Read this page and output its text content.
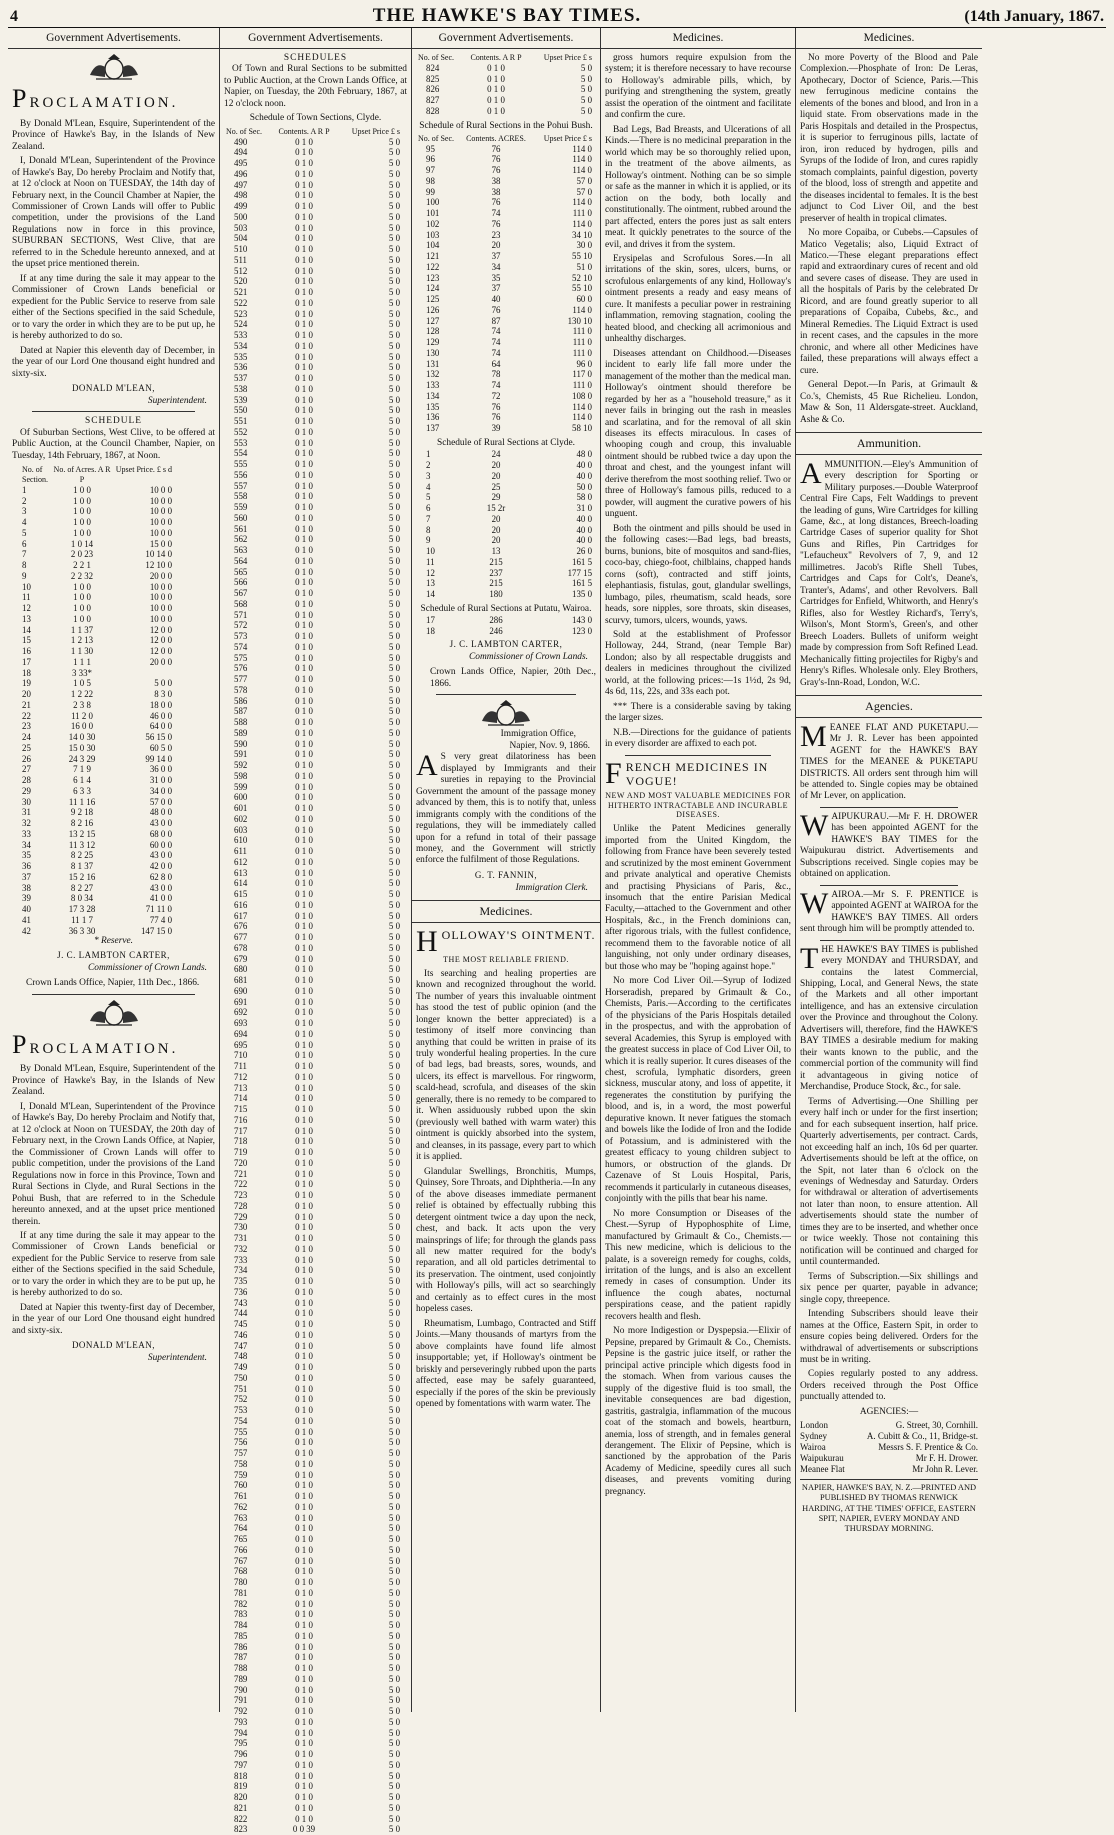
4	THE HAWKE'S BAY TIMES.	(14th January, 1867.
Government Advertisements.
PROCLAMATION.

By Donald M'Lean, Esquire, Superintendent of the Province of Hawke's Bay, in the Islands of New Zealand.

I, Donald M'Lean, Superintendent of the Province of Hawke's Bay, Do hereby Proclaim and Notify that, at 12 o'clock at Noon on TUESDAY, the 14th day of February next, in the Council Chamber at Napier, the Commissioner of Crown Lands will offer to Public competition, under the provisions of the Land Regulations now in force in this province, SUBURBAN SECTIONS, West Clive, that are referred to in the Schedule hereunto annexed, and at the upset price mentioned therein.

If at any time during the sale it may appear to the Commissioner of Crown Lands beneficial or expedient for the Public Service to reserve from sale either of the Sections specified in the said Schedule, or to vary the order in which they are to be put up, he is hereby authorized to do so.

Dated at Napier this eleventh day of December, in the year of our Lord One thousand eight hundred and sixty-six.

DONALD M'LEAN,
Superintendent.
SCHEDULE

Of Suburban Sections, West Clive, to be offered at Public Auction, at the Council Chamber, Napier, on Tuesday, 14th February, 1867, at Noon.

No. of Section.
No. of Acres. A R P
Upset Price. £ s d
1	1 0 0	10 0 0
2	1 0 0	10 0 0
3	1 0 0	10 0 0
4	1 0 0	10 0 0
5	1 0 0	10 0 0
6	1 0 14	15 0 0
7	2 0 23	10 14 0
8	2 2 1	12 10 0
9	2 2 32	20 0 0
10	1 0 0	10 0 0
11	1 0 0	10 0 0
12	1 0 0	10 0 0
13	1 0 0	10 0 0
14	1 1 37	12 0 0
15	1 2 13	12 0 0
16	1 1 30	12 0 0
17	1 1 1	20 0 0
18	3 33*
19	1 0 5	5 0 0
20	1 2 22	8 3 0
21	2 3 8	18 0 0
22	11 2 0	46 0 0
23	16 0 0	64 0 0
24	14 0 30	56 15 0
25	15 0 30	60 5 0
26	24 3 29	99 14 0
27	7 1 9	36 0 0
28	6 1 4	31 0 0
29	6 3 3	34 0 0
30	11 1 16	57 0 0
31	9 2 18	48 0 0
32	8 2 16	43 0 0
33	13 2 15	68 0 0
34	11 3 12	60 0 0
35	8 2 25	43 0 0
36	8 1 37	42 0 0
37	15 2 16	62 8 0
38	8 2 27	43 0 0
39	8 0 34	41 0 0
40	17 3 28	71 11 0
41	11 1 7	77 4 0
42	36 3 30	147 15 0
* Reserve.
J. C. LAMBTON CARTER,
Commissioner of Crown Lands.

Crown Lands Office, Napier, 11th Dec., 1866.

PROCLAMATION.

By Donald M'Lean, Esquire, Superintendent of the Province of Hawke's Bay, in the Islands of New Zealand.

I, Donald M'Lean, Superintendent of the Province of Hawke's Bay, Do hereby Proclaim and Notify that, at 12 o'clock at Noon on TUESDAY, the 20th day of February next, in the Crown Lands Office, at Napier, the Commissioner of Crown Lands will offer to public competition, under the provisions of the Land Regulations now in force in this Province, Town and Rural Sections in Clyde, and Rural Sections in the Pohui Bush, that are referred to in the Schedule hereunto annexed, and at the upset price mentioned therein.

If at any time during the sale it may appear to the Commissioner of Crown Lands beneficial or expedient for the Public Service to reserve from sale either of the Sections specified in the said Schedule, or to vary the order in which they are to be put up, he is hereby authorized to do so.

Dated at Napier this twenty-first day of December, in the year of our Lord One thousand eight hundred and sixty-six.

DONALD M'LEAN,
Superintendent.
Government Advertisements.
SCHEDULES

Of Town and Rural Sections to be submitted to Public Auction, at the Crown Lands Office, at Napier, on Tuesday, the 20th February, 1867, at 12 o'clock noon.

Schedule of Town Sections, Clyde.
No. of Sec.	Contents. A R P	Upset Price £ s
490	0 1 0	5 0
494	0 1 0	5 0
495	0 1 0	5 0
496	0 1 0	5 0
497	0 1 0	5 0
498	0 1 0	5 0
499	0 1 0	5 0
500	0 1 0	5 0
503	0 1 0	5 0
504	0 1 0	5 0
510	0 1 0	5 0
511	0 1 0	5 0
512	0 1 0	5 0
520	0 1 0	5 0
521	0 1 0	5 0
522	0 1 0	5 0
523	0 1 0	5 0
524	0 1 0	5 0
533	0 1 0	5 0
534	0 1 0	5 0
535	0 1 0	5 0
536	0 1 0	5 0
537	0 1 0	5 0
538	0 1 0	5 0
539	0 1 0	5 0
550	0 1 0	5 0
551	0 1 0	5 0
552	0 1 0	5 0
553	0 1 0	5 0
554	0 1 0	5 0
555	0 1 0	5 0
556	0 1 0	5 0
557	0 1 0	5 0
558	0 1 0	5 0
559	0 1 0	5 0
560	0 1 0	5 0
561	0 1 0	5 0
562	0 1 0	5 0
563	0 1 0	5 0
564	0 1 0	5 0
565	0 1 0	5 0
566	0 1 0	5 0
567	0 1 0	5 0
568	0 1 0	5 0
571	0 1 0	5 0
572	0 1 0	5 0
573	0 1 0	5 0
574	0 1 0	5 0
575	0 1 0	5 0
576	0 1 0	5 0
577	0 1 0	5 0
578	0 1 0	5 0
586	0 1 0	5 0
587	0 1 0	5 0
588	0 1 0	5 0
589	0 1 0	5 0
590	0 1 0	5 0
591	0 1 0	5 0
592	0 1 0	5 0
598	0 1 0	5 0
599	0 1 0	5 0
600	0 1 0	5 0
601	0 1 0	5 0
602	0 1 0	5 0
603	0 1 0	5 0
610	0 1 0	5 0
611	0 1 0	5 0
612	0 1 0	5 0
613	0 1 0	5 0
614	0 1 0	5 0
615	0 1 0	5 0
616	0 1 0	5 0
617	0 1 0	5 0
676	0 1 0	5 0
677	0 1 0	5 0
678	0 1 0	5 0
679	0 1 0	5 0
680	0 1 0	5 0
681	0 1 0	5 0
690	0 1 0	5 0
691	0 1 0	5 0
692	0 1 0	5 0
693	0 1 0	5 0
694	0 1 0	5 0
695	0 1 0	5 0
710	0 1 0	5 0
711	0 1 0	5 0
712	0 1 0	5 0
713	0 1 0	5 0
714	0 1 0	5 0
715	0 1 0	5 0
716	0 1 0	5 0
717	0 1 0	5 0
718	0 1 0	5 0
719	0 1 0	5 0
720	0 1 0	5 0
721	0 1 0	5 0
722	0 1 0	5 0
723	0 1 0	5 0
728	0 1 0	5 0
729	0 1 0	5 0
730	0 1 0	5 0
731	0 1 0	5 0
732	0 1 0	5 0
733	0 1 0	5 0
734	0 1 0	5 0
735	0 1 0	5 0
736	0 1 0	5 0
743	0 1 0	5 0
744	0 1 0	5 0
745	0 1 0	5 0
746	0 1 0	5 0
747	0 1 0	5 0
748	0 1 0	5 0
749	0 1 0	5 0
750	0 1 0	5 0
751	0 1 0	5 0
752	0 1 0	5 0
753	0 1 0	5 0
754	0 1 0	5 0
755	0 1 0	5 0
756	0 1 0	5 0
757	0 1 0	5 0
758	0 1 0	5 0
759	0 1 0	5 0
760	0 1 0	5 0
761	0 1 0	5 0
762	0 1 0	5 0
763	0 1 0	5 0
764	0 1 0	5 0
765	0 1 0	5 0
766	0 1 0	5 0
767	0 1 0	5 0
768	0 1 0	5 0
780	0 1 0	5 0
781	0 1 0	5 0
782	0 1 0	5 0
783	0 1 0	5 0
784	0 1 0	5 0
785	0 1 0	5 0
786	0 1 0	5 0
787	0 1 0	5 0
788	0 1 0	5 0
789	0 1 0	5 0
790	0 1 0	5 0
791	0 1 0	5 0
792	0 1 0	5 0
793	0 1 0	5 0
794	0 1 0	5 0
795	0 1 0	5 0
796	0 1 0	5 0
797	0 1 0	5 0
818	0 1 0	5 0
819	0 1 0	5 0
820	0 1 0	5 0
821	0 1 0	5 0
822	0 1 0	5 0
823	0 0 39	5 0
Government Advertisements.
No. of Sec.	Contents. A R P	Upset Price £ s
824	0 1 0	5 0
825	0 1 0	5 0
826	0 1 0	5 0
827	0 1 0	5 0
828	0 1 0	5 0
Schedule of Rural Sections in the Pohui Bush.
No. of Sec.	Contents. ACRES.	Upset Price £ s
95	76	114 0
96	76	114 0
97	76	114 0
98	38	57 0
99	38	57 0
100	76	114 0
101	74	111 0
102	76	114 0
103	23	34 10
104	20	30 0
121	37	55 10
122	34	51 0
123	35	52 10
124	37	55 10
125	40	60 0
126	76	114 0
127	87	130 10
128	74	111 0
129	74	111 0
130	74	111 0
131	64	96 0
132	78	117 0
133	74	111 0
134	72	108 0
135	76	114 0
136	76	114 0
137	39	58 10
Schedule of Rural Sections at Clyde.
1	24	48 0
2	20	40 0
3	20	40 0
4	25	50 0
5	29	58 0
6	15 2r	31 0
7	20	40 0
8	20	40 0
9	20	40 0
10	13	26 0
11	215	161 5
12	237	177 15
13	215	161 5
14	180	135 0
Schedule of Rural Sections at Putatu, Wairoa.
17	286	143 0
18	246	123 0
J. C. LAMBTON CARTER,
Commissioner of Crown Lands.

Crown Lands Office, Napier, 20th Dec., 1866.

Immigration Office,
Napier, Nov. 9, 1866.

A S very great dilatoriness has been displayed by Immigrants and their sureties in repaying to the Provincial Government the amount of the passage money advanced by them, this is to notify that, unless immigrants comply with the conditions of the regulations, they will be immediately called upon for a refund in total of their passage money, and the Government will strictly enforce the fulfilment of those Regulations.

G. T. FANNIN,
Immigration Clerk.
Medicines.
HOLLOWAY'S OINTMENT.
THE MOST RELIABLE FRIEND.

Its searching and healing properties are known and recognized throughout the world. The number of years this invaluable ointment has stood the test of public opinion (and the longer known the better appreciated) is a testimony of itself more convincing than anything that could be written in praise of its truly wonderful healing properties. In the cure of bad legs, bad breasts, sores, wounds, and ulcers, its effect is marvellous. For ringworm, scald-head, scrofula, and diseases of the skin generally, there is no remedy to be compared to it. When assiduously rubbed upon the skin (previously well bathed with warm water) this ointment is quickly absorbed into the system, and cleanses, in its passage, every part to which it is applied.

Glandular Swellings, Bronchitis, Mumps, Quinsey, Sore Throats, and Diphtheria.—In any of the above diseases immediate permanent relief is obtained by effectually rubbing this detergent ointment twice a day upon the neck, chest, and back. It acts upon the very mainsprings of life; for through the glands pass all new matter required for the body's reparation, and all old particles detrimental to its preservation. The ointment, used conjointly with Holloway's pills, will act so searchingly and certainly as to effect cures in the most hopeless cases.

Rheumatism, Lumbago, Contracted and Stiff Joints.—Many thousands of martyrs from the above complaints have found life almost insupportable; yet, if Holloway's ointment be briskly and perseveringly rubbed upon the parts affected, ease may be safely guaranteed, especially if the pores of the skin be previously opened by fomentations with warm water. The

Medicines.

gross humors require expulsion from the system; it is therefore necessary to have recourse to Holloway's admirable pills, which, by purifying and strengthening the system, greatly assist the operation of the ointment and facilitate and confirm the cure.

Bad Legs, Bad Breasts, and Ulcerations of all Kinds.—There is no medicinal preparation in the world which may be so thoroughly relied upon, in the treatment of the above ailments, as Holloway's ointment. Nothing can be so simple or safe as the manner in which it is applied, or its action on the body, both locally and constitutionally. The ointment, rubbed around the part affected, enters the pores just as salt enters meat. It quickly penetrates to the source of the evil, and drives it from the system.

Erysipelas and Scrofulous Sores.—In all irritations of the skin, sores, ulcers, burns, or scrofulous enlargements of any kind, Holloway's ointment presents a ready and easy means of cure. It manifests a peculiar power in restraining inflammation, removing stagnation, cooling the heated blood, and checking all acrimonious and unhealthy discharges.

Diseases attendant on Childhood.—Diseases incident to early life fall more under the management of the mother than the medical man. Holloway's ointment should therefore be regarded by her as a "household treasure," as it never fails in bringing out the rash in measles and scarlatina, and for the removal of all skin diseases its effects miraculous. In cases of whooping cough and croup, this invaluable ointment should be rubbed twice a day upon the throat and chest, and the youngest infant will derive therefrom the most soothing relief. Two or three of Holloway's famous pills, reduced to a powder, will augment the curative powers of his unguent.

Both the ointment and pills should be used in the following cases:—Bad legs, bad breasts, burns, bunions, bite of mosquitos and sand-flies, coco-bay, chiego-foot, chilblains, chapped hands corns (soft), contracted and stiff joints, elephantiasis, fistulas, gout, glandular swellings, lumbago, piles, rheumatism, scald heads, sore heads, sore nipples, sore throats, skin diseases, scurvy, tumors, ulcers, wounds, yaws.

Sold at the establishment of Professor Holloway, 244, Strand, (near Temple Bar) London; also by all respectable druggists and dealers in medicines throughout the civilized world, at the following prices:—1s 1½d, 2s 9d, 4s 6d, 11s, 22s, and 33s each pot.

*** There is a considerable saving by taking the larger sizes.

N.B.—Directions for the guidance of patients in every disorder are affixed to each pot.

FRENCH MEDICINES IN VOGUE!
NEW AND MOST VALUABLE MEDICINES FOR HITHERTO INTRACTABLE AND INCURABLE DISEASES.

Unlike the Patent Medicines generally imported from the United Kingdom, the following from France have been severely tested and scrutinized by the most eminent Government and private analytical and operative Chemists and practising Physicians of Paris, &c., insomuch that the entire Parisian Medical Faculty,—attached to the Government and other Hospitals, &c., in the French dominions can, after rigorous trials, with the fullest confidence, recommend them to the favorable notice of all languishing, not only under ordinary diseases, but those who may be "hoping against hope."

No more Cod Liver Oil.—Syrup of Iodized Horseradish, prepared by Grimault & Co., Chemists, Paris.—According to the certificates of the physicians of the Paris Hospitals detailed in the prospectus, and with the approbation of several Academies, this Syrup is employed with the greatest success in place of Cod Liver Oil, to which it is really superior. It cures diseases of the chest, scrofula, lymphatic disorders, green sickness, muscular atony, and loss of appetite, it regenerates the constitution by purifying the blood, and is, in a word, the most powerful depurative known. It never fatigues the stomach and bowels like the Iodide of Iron and the Iodide of Potassium, and is administered with the greatest efficacy to young children subject to humors, or obstruction of the glands. Dr Cazenave of St Louis Hospital, Paris, recommends it particularly in cutaneous diseases, conjointly with the pills that bear his name.

No more Consumption or Diseases of the Chest.—Syrup of Hypophosphite of Lime, manufactured by Grimault & Co., Chemists.—This new medicine, which is delicious to the palate, is a sovereign remedy for coughs, colds, irritation of the lungs, and is also an excellent remedy in cases of consumption. Under its influence the cough abates, nocturnal perspirations cease, and the patient rapidly recovers health and flesh.

No more Indigestion or Dyspepsia.—Elixir of Pepsine, prepared by Grimault & Co., Chemists. Pepsine is the gastric juice itself, or rather the principal active principle which digests food in the stomach. When from various causes the supply of the digestive fluid is too small, the inevitable consequences are bad digestion, gastritis, gastralgia, inflammation of the mucous coat of the stomach and bowels, heartburn, anemia, loss of strength, and in females general derangement. The Elixir of Pepsine, which is sanctioned by the approbation of the Paris Academy of Medicine, speedily cures all such diseases, and prevents vomiting during pregnancy.

Medicines.

No more Poverty of the Blood and Pale Complexion.—Phosphate of Iron: De Leras, Apothecary, Doctor of Science, Paris.—This new ferruginous medicine contains the elements of the bones and blood, and Iron in a liquid state. From observations made in the Paris Hospitals and detailed in the Prospectus, it is superior to ferruginous pills, lactate of iron, iron reduced by hydrogen, pills and Syrups of the Iodide of Iron, and cures rapidly stomach complaints, painful digestion, poverty of the blood, loss of strength and appetite and the diseases incidental to females. It is the best adjunct to Cod Liver Oil, and the best preserver of health in tropical climates.

No more Copaiba, or Cubebs.—Capsules of Matico Vegetalis; also, Liquid Extract of Matico.—These elegant preparations effect rapid and extraordinary cures of recent and old and severe cases of disease. They are used in all the hospitals of Paris by the celebrated Dr Ricord, and are found greatly superior to all preparations of Copaiba, Cubebs, &c., and Mineral Remedies. The Liquid Extract is used in recent cases, and the capsules in the more chronic, and where all other Medicines have failed, these preparations will always effect a cure.

General Depot.—In Paris, at Grimault & Co.'s, Chemists, 45 Rue Richelieu. London, Maw & Son, 11 Aldersgate-street. Auckland, Ashe & Co.

Ammunition.

AMMUNITION.—Eley's Ammunition of every description for Sporting or Military purposes.—Double Waterproof Central Fire Caps, Felt Waddings to prevent the leading of guns, Wire Cartridges for killing Game, &c., at long distances, Breech-loading Cartridge Cases of superior quality for Shot Guns and Rifles, Pin Cartridges for "Lefaucheux" Revolvers of 7, 9, and 12 millimetres. Jacob's Rifle Shell Tubes, Cartridges and Caps for Colt's, Deane's, Tranter's, Adams', and other Revolvers. Ball Cartridges for Enfield, Whitworth, and Henry's Rifles, also for Westley Richard's, Terry's, Wilson's, Mont Storm's, Green's, and other Breech Loaders. Bullets of uniform weight made by compression from Soft Refined Lead. Mechanically fitting projectiles for Rigby's and Henry's Rifles. Wholesale only. Eley Brothers, Gray's-Inn-Road, London, W.C.

Agencies.

MEANEE FLAT AND PUKETAPU.—Mr J. R. Lever has been appointed AGENT for the HAWKE'S BAY TIMES for the MEANEE & PUKETAPU DISTRICTS. All orders sent through him will be attended to. Single copies may be obtained of Mr Lever, on application.

WAIPUKURAU.—Mr F. H. DROWER has been appointed AGENT for the HAWKE'S BAY TIMES for the Waipukurau district. Advertisements and Subscriptions received. Single copies may be obtained on application.

WAIROA.—Mr S. F. PRENTICE is appointed AGENT at WAIROA for the HAWKE'S BAY TIMES. All orders sent through him will be promptly attended to.

THE HAWKE'S BAY TIMES is published every MONDAY and THURSDAY, and contains the latest Commercial, Shipping, Local, and General News, the state of the Markets and all other important intelligence, and has an extensive circulation over the Province and throughout the Colony. Advertisers will, therefore, find the HAWKE'S BAY TIMES a desirable medium for making their wants known to the public, and the commercial portion of the community will find it advantageous in giving notice of Merchandise, Produce Stock, &c., for sale.

Terms of Advertising.—One Shilling per every half inch or under for the first insertion; and for each subsequent insertion, half price. Quarterly advertisements, per contract. Cards, not exceeding half an inch, 10s 6d per quarter. Advertisements should be left at the office, on the Spit, not later than 6 o'clock on the evenings of Wednesday and Saturday. Orders for withdrawal or alteration of advertisements not later than noon, to ensure attention. All advertisements should state the number of times they are to be inserted, and whether once or twice weekly. Those not containing this notification will be continued and charged for until countermanded.

Terms of Subscription.—Six shillings and six pence per quarter, payable in advance; single copy, threepence.

Intending Subscribers should leave their names at the Office, Eastern Spit, in order to ensure copies being delivered. Orders for the withdrawal of advertisements or subscriptions must be in writing.

Copies regularly posted to any address. Orders received through the Post Office punctually attended to.

AGENCIES:—
London	G. Street, 30, Cornhill.
Sydney	A. Cubitt & Co., 11, Bridge-st.
Wairoa	Messrs S. F. Prentice & Co.
Waipukurau	Mr F. H. Drower.
Meanee Flat	Mr John R. Lever.
NAPIER, HAWKE'S BAY, N. Z.—PRINTED AND PUBLISHED BY THOMAS RENWICK HARDING, AT THE 'TIMES' OFFICE, EASTERN SPIT, NAPIER, EVERY MONDAY AND THURSDAY MORNING.
